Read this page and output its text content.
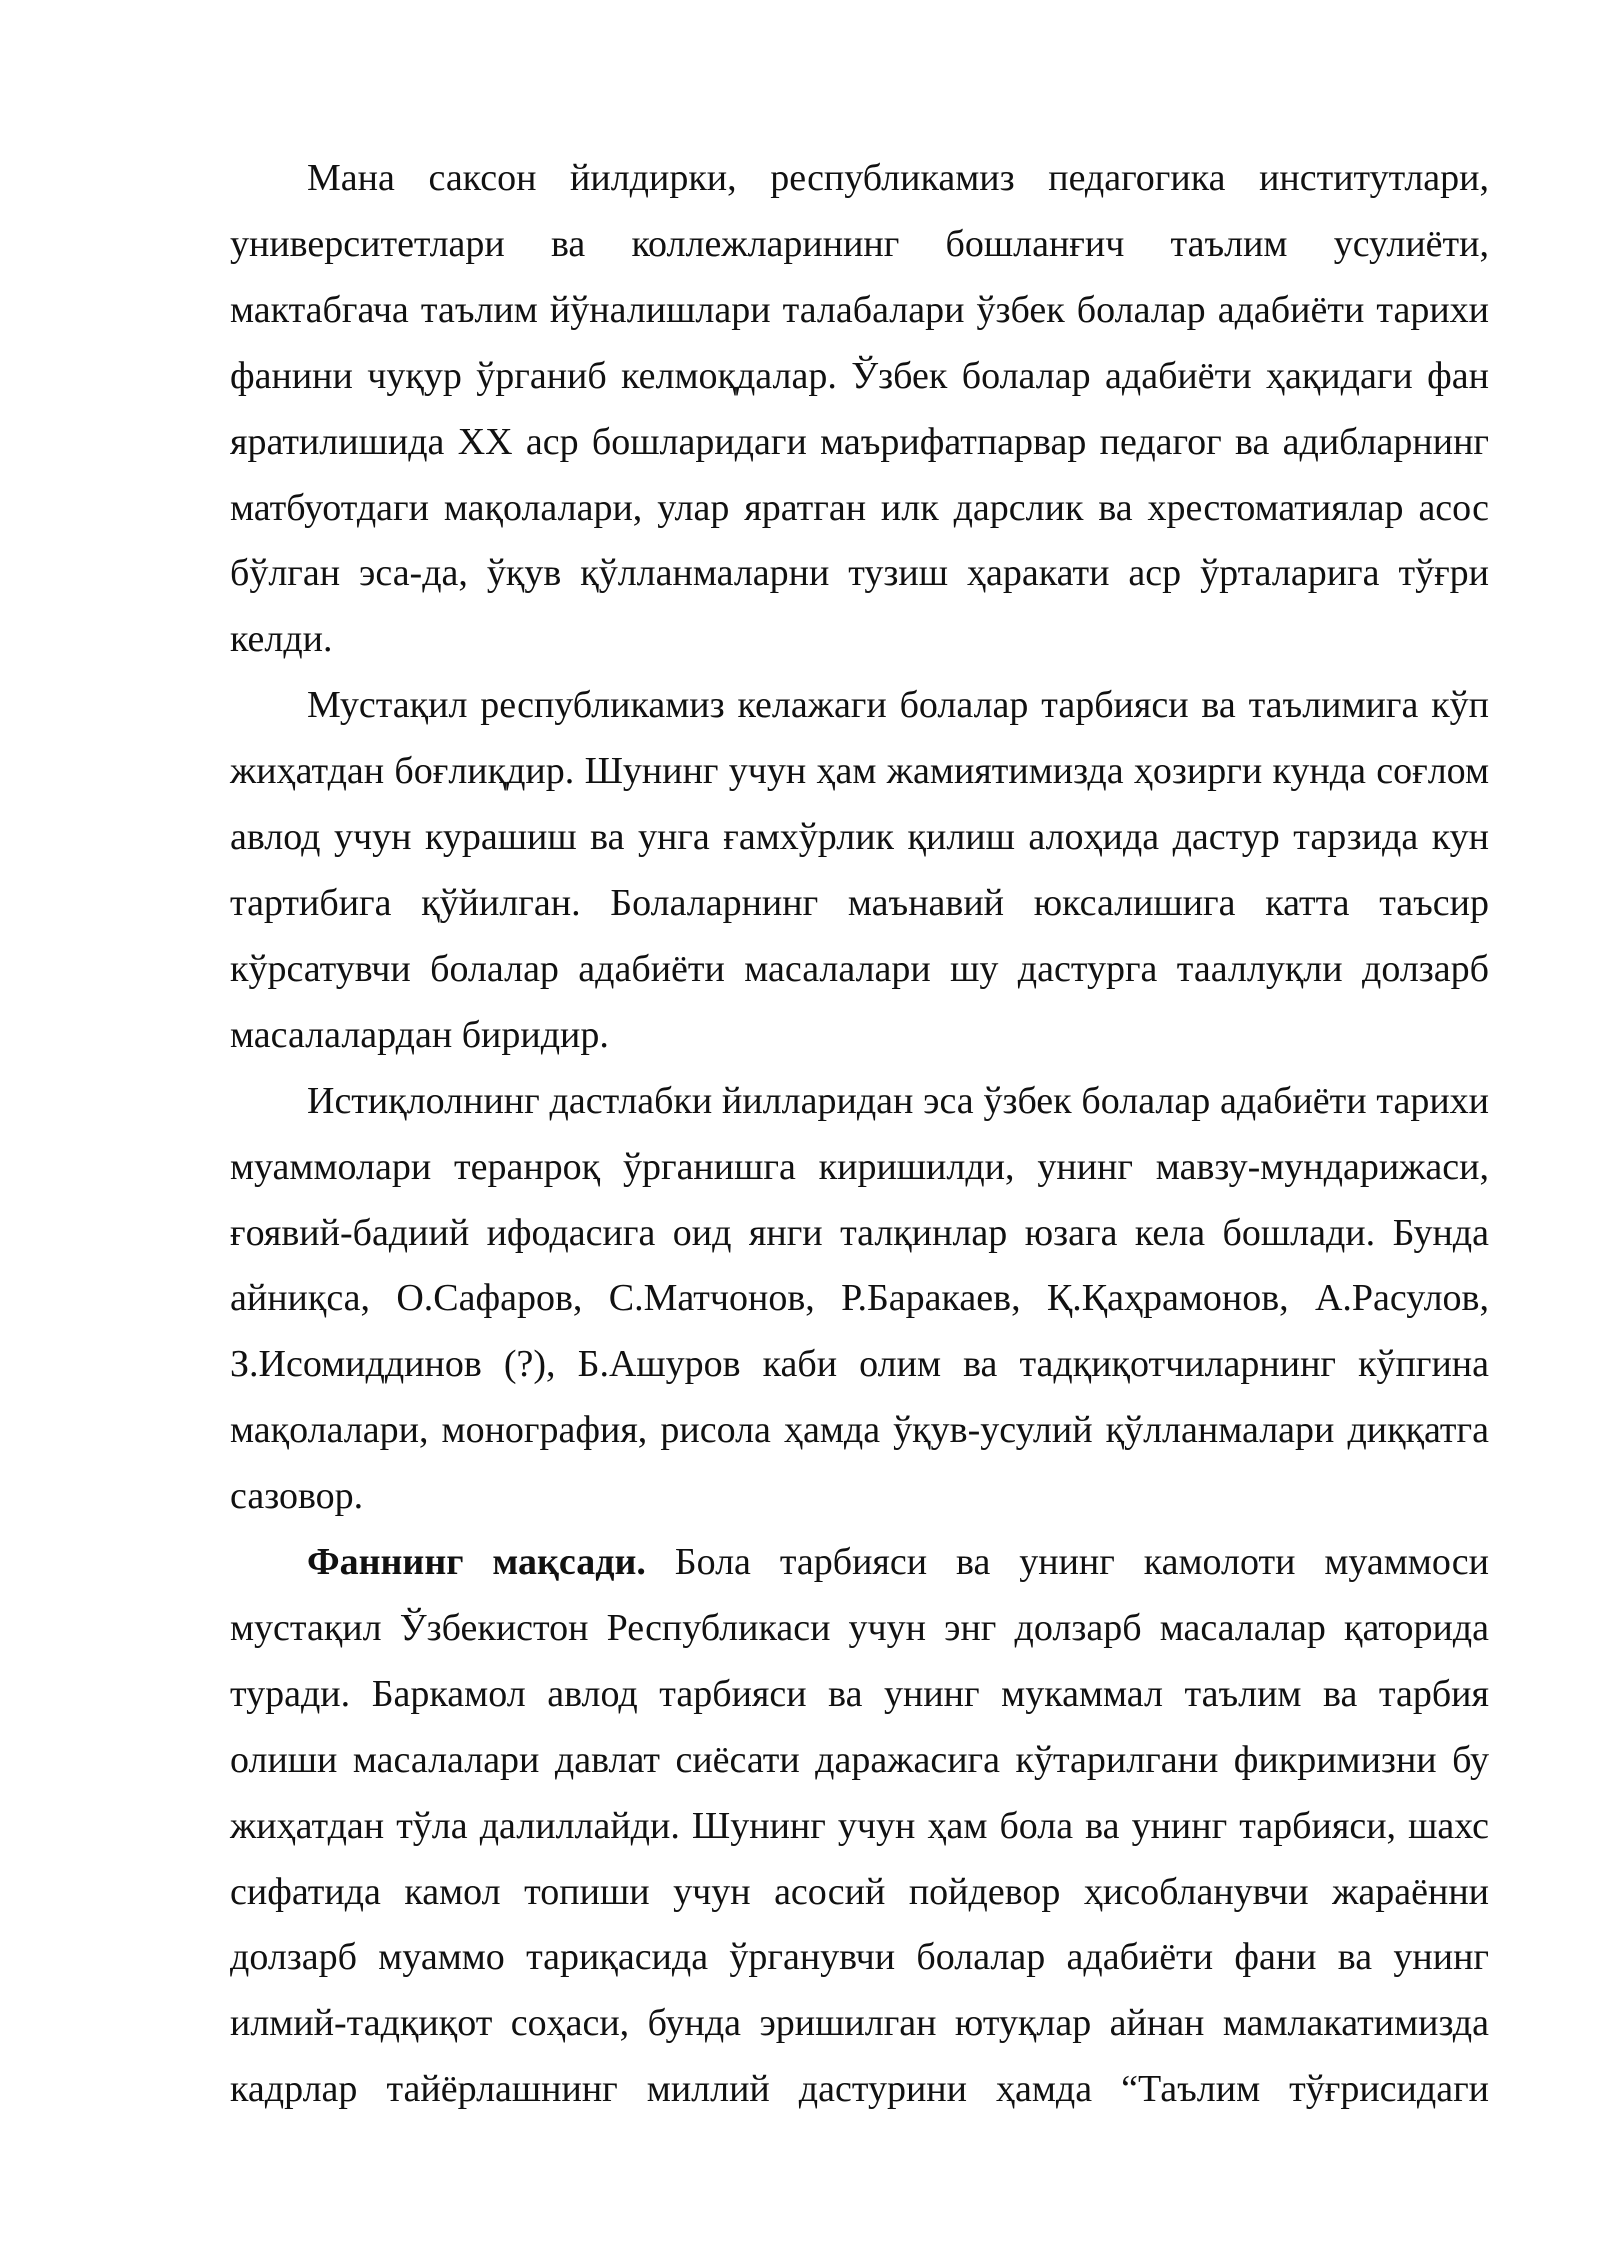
Мана саксон йилдирки, республикамиз педагогика институтлари, университетлари ва коллежларининг бошланғич таълим усулиёти, мактабгача таълим йўналишлари талабалари ўзбек болалар адабиёти тарихи фанини чуқур ўрганиб келмоқдалар. Ўзбек болалар адабиёти ҳақидаги фан яратилишида ХХ аср бошларидаги маърифатпарвар педагог ва адибларнинг матбуотдаги мақолалари, улар яратган илк дарслик ва хрестоматиялар асос бўлган эса-да, ўқув қўлланмаларни тузиш ҳаракати аср ўрталарига тўғри келди.

Мустақил республикамиз келажаги болалар тарбияси ва таълимига кўп жиҳатдан боғлиқдир. Шунинг учун ҳам жамиятимизда ҳозирги кунда соғлом авлод учун курашиш ва унга ғамхўрлик қилиш алоҳида дастур тарзида кун тартибига қўйилган. Болаларнинг маънавий юксалишига катта таъсир кўрсатувчи болалар адабиёти масалалари шу дастурга тааллуқли долзарб масалалардан биридир.

Истиқлолнинг дастлабки йилларидан эса ўзбек болалар адабиёти тарихи муаммолари теранроқ ўрганишга киришилди, унинг мавзу-мундарижаси, ғоявий-бадиий ифодасига оид янги талқинлар юзага кела бошлади. Бунда айниқса, О.Сафаров, С.Матчонов, Р.Баракаев, Қ.Қаҳрамонов, А.Расулов, З.Исомиддинов (?), Б.Ашуров каби олим ва тадқиқотчиларнинг кўпгина мақолалари, монография, рисола ҳамда ўқув-усулий қўлланмалари диққатга сазовор.

Фаннинг мақсади. Бола тарбияси ва унинг камолоти муаммоси мустақил Ўзбекистон Республикаси учун энг долзарб масалалар қаторида туради. Баркамол авлод тарбияси ва унинг мукаммал таълим ва тарбия олиши масалалари давлат сиёсати даражасига кўтарилгани фикримизни бу жиҳатдан тўла далиллайди. Шунинг учун ҳам бола ва унинг тарбияси, шахс сифатида камол топиши учун асосий пойдевор ҳисобланувчи жараённи долзарб муаммо тариқасида ўрганувчи болалар адабиёти фани ва унинг илмий-тадқиқот соҳаси, бунда эришилган ютуқлар айнан мамлакатимизда кадрлар тайёрлашнинг миллий дастурини ҳамда “Таълим тўғрисидаги
